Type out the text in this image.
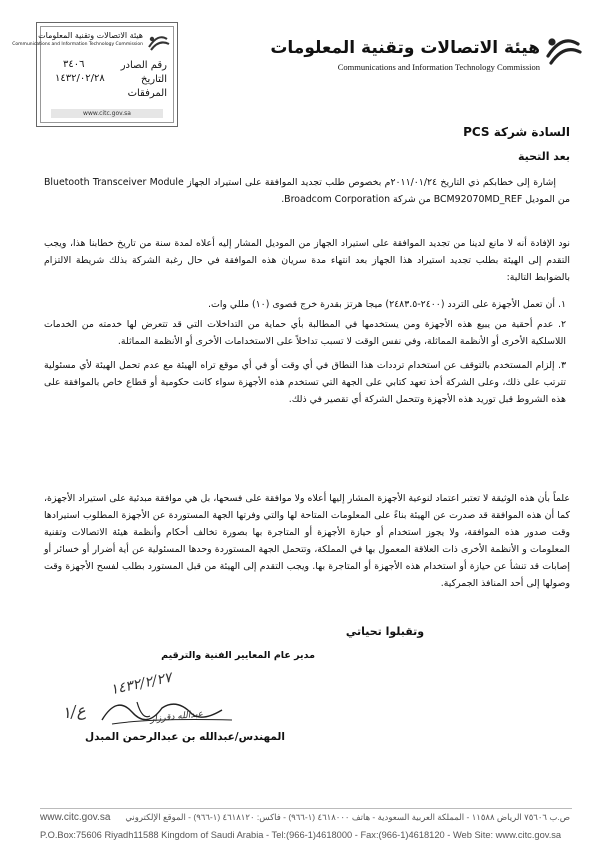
هيئة الاتصالات وتقنية المعلومات
Communications and Information Technology Commission
رقم الصادر
٣٤٠٦
التاريخ
١٤٣٢/٠٢/٢٨
المرفقات
www.citc.gov.sa
هيئة الاتصالات وتقنية المعلومات
Communications and Information Technology Commission
السادة شركة PCS
بعد التحية
إشارة إلى خطابكم ذي التاريخ ٢٠١١/٠١/٢٤م بخصوص طلب تجديد الموافقة على استيراد الجهاز Bluetooth Transceiver Module من الموديل BCM92070MD_REF من شركة Broadcom Corporation.
نود الإفادة أنه لا مانع لدينا من تجديد الموافقة على استيراد الجهاز من الموديل المشار إليه أعلاه لمدة سنة من تاريخ خطابنا هذا، ويجب التقدم إلى الهيئة بطلب تجديد استيراد هذا الجهاز بعد انتهاء مدة سريان هذه الموافقة في حال رغبة الشركة بذلك شريطة الالتزام بالضوابط التالية:
١. أن تعمل الأجهزة على التردد (٢٤٠٠-٢٤٨٣.٥) ميجا هرتز بقدرة خرج قصوى (١٠) مللي وات.
٢. عدم أحقية من يبيع هذه الأجهزة ومن يستخدمها في المطالبة بأي حماية من التداخلات التي قد تتعرض لها خدمته من الخدمات اللاسلكية الأخرى أو الأنظمة المماثلة، وفي نفس الوقت لا تسبب تداخلاً على الاستخدامات الأخرى أو الأنظمة المماثلة.
٣. إلزام المستخدم بالتوقف عن استخدام ترددات هذا النطاق في أي وقت أو في أي موقع تراه الهيئة مع عدم تحمل الهيئة لأي مسئولية تترتب على ذلك، وعلى الشركة أخذ تعهد كتابي على الجهة التي تستخدم هذه الأجهزة سواء كانت حكومية أو قطاع خاص بالموافقة على هذه الشروط قبل توريد هذه الأجهزة وتتحمل الشركة أي تقصير في ذلك.
علماً بأن هذه الوثيقة لا تعتبر اعتماد لنوعية الأجهزة المشار إليها أعلاه ولا موافقة على فسحها، بل هي موافقة مبدئية على استيراد الأجهزة، كما أن هذه الموافقة قد صدرت عن الهيئة بناءً على المعلومات المتاحة لها والتي وفرتها الجهة المستوردة عن الأجهزة المطلوب استيرادها وقت صدور هذه الموافقة، ولا يجوز استخدام أو حيازة الأجهزة أو المتاجرة بها بصورة تخالف أحكام وأنظمة هيئة الاتصالات وتقنية المعلومات و الأنظمة الأخرى ذات العلاقة المعمول بها في المملكة، وتتحمل الجهة المستوردة وحدها المسئولية عن أية أضرار أو خسائر أو إصابات قد تنشأ عن حيازة أو استخدام هذه الأجهزة أو المتاجرة بها. ويجب التقدم إلى الهيئة من قبل المستورد بطلب لفسح الأجهزة وقت وصولها إلى أحد المنافذ الجمركية.
وتقبلوا تحياتي
مدير عام المعايير الفنية والترقيم
١٤٣٢/٢/٢٧
ع/١	عبدالله دقرزار
المهندس/عبدالله بن عبدالرحمن المبدل
www.citc.gov.sa ص.ب ٧٥٦٠٦ الرياض ١١٥٨٨ - المملكة العربية السعودية - هاتف ٤٦١٨٠٠٠ (١-٩٦٦) - فاكس: ٤٦١٨١٢٠ (١-٩٦٦) - الموقع الإلكتروني
P.O.Box:75606 Riyadh11588 Kingdom of Saudi Arabia - Tel:(966-1)4618000 - Fax:(966-1)4618120 - Web Site: www.citc.gov.sa
